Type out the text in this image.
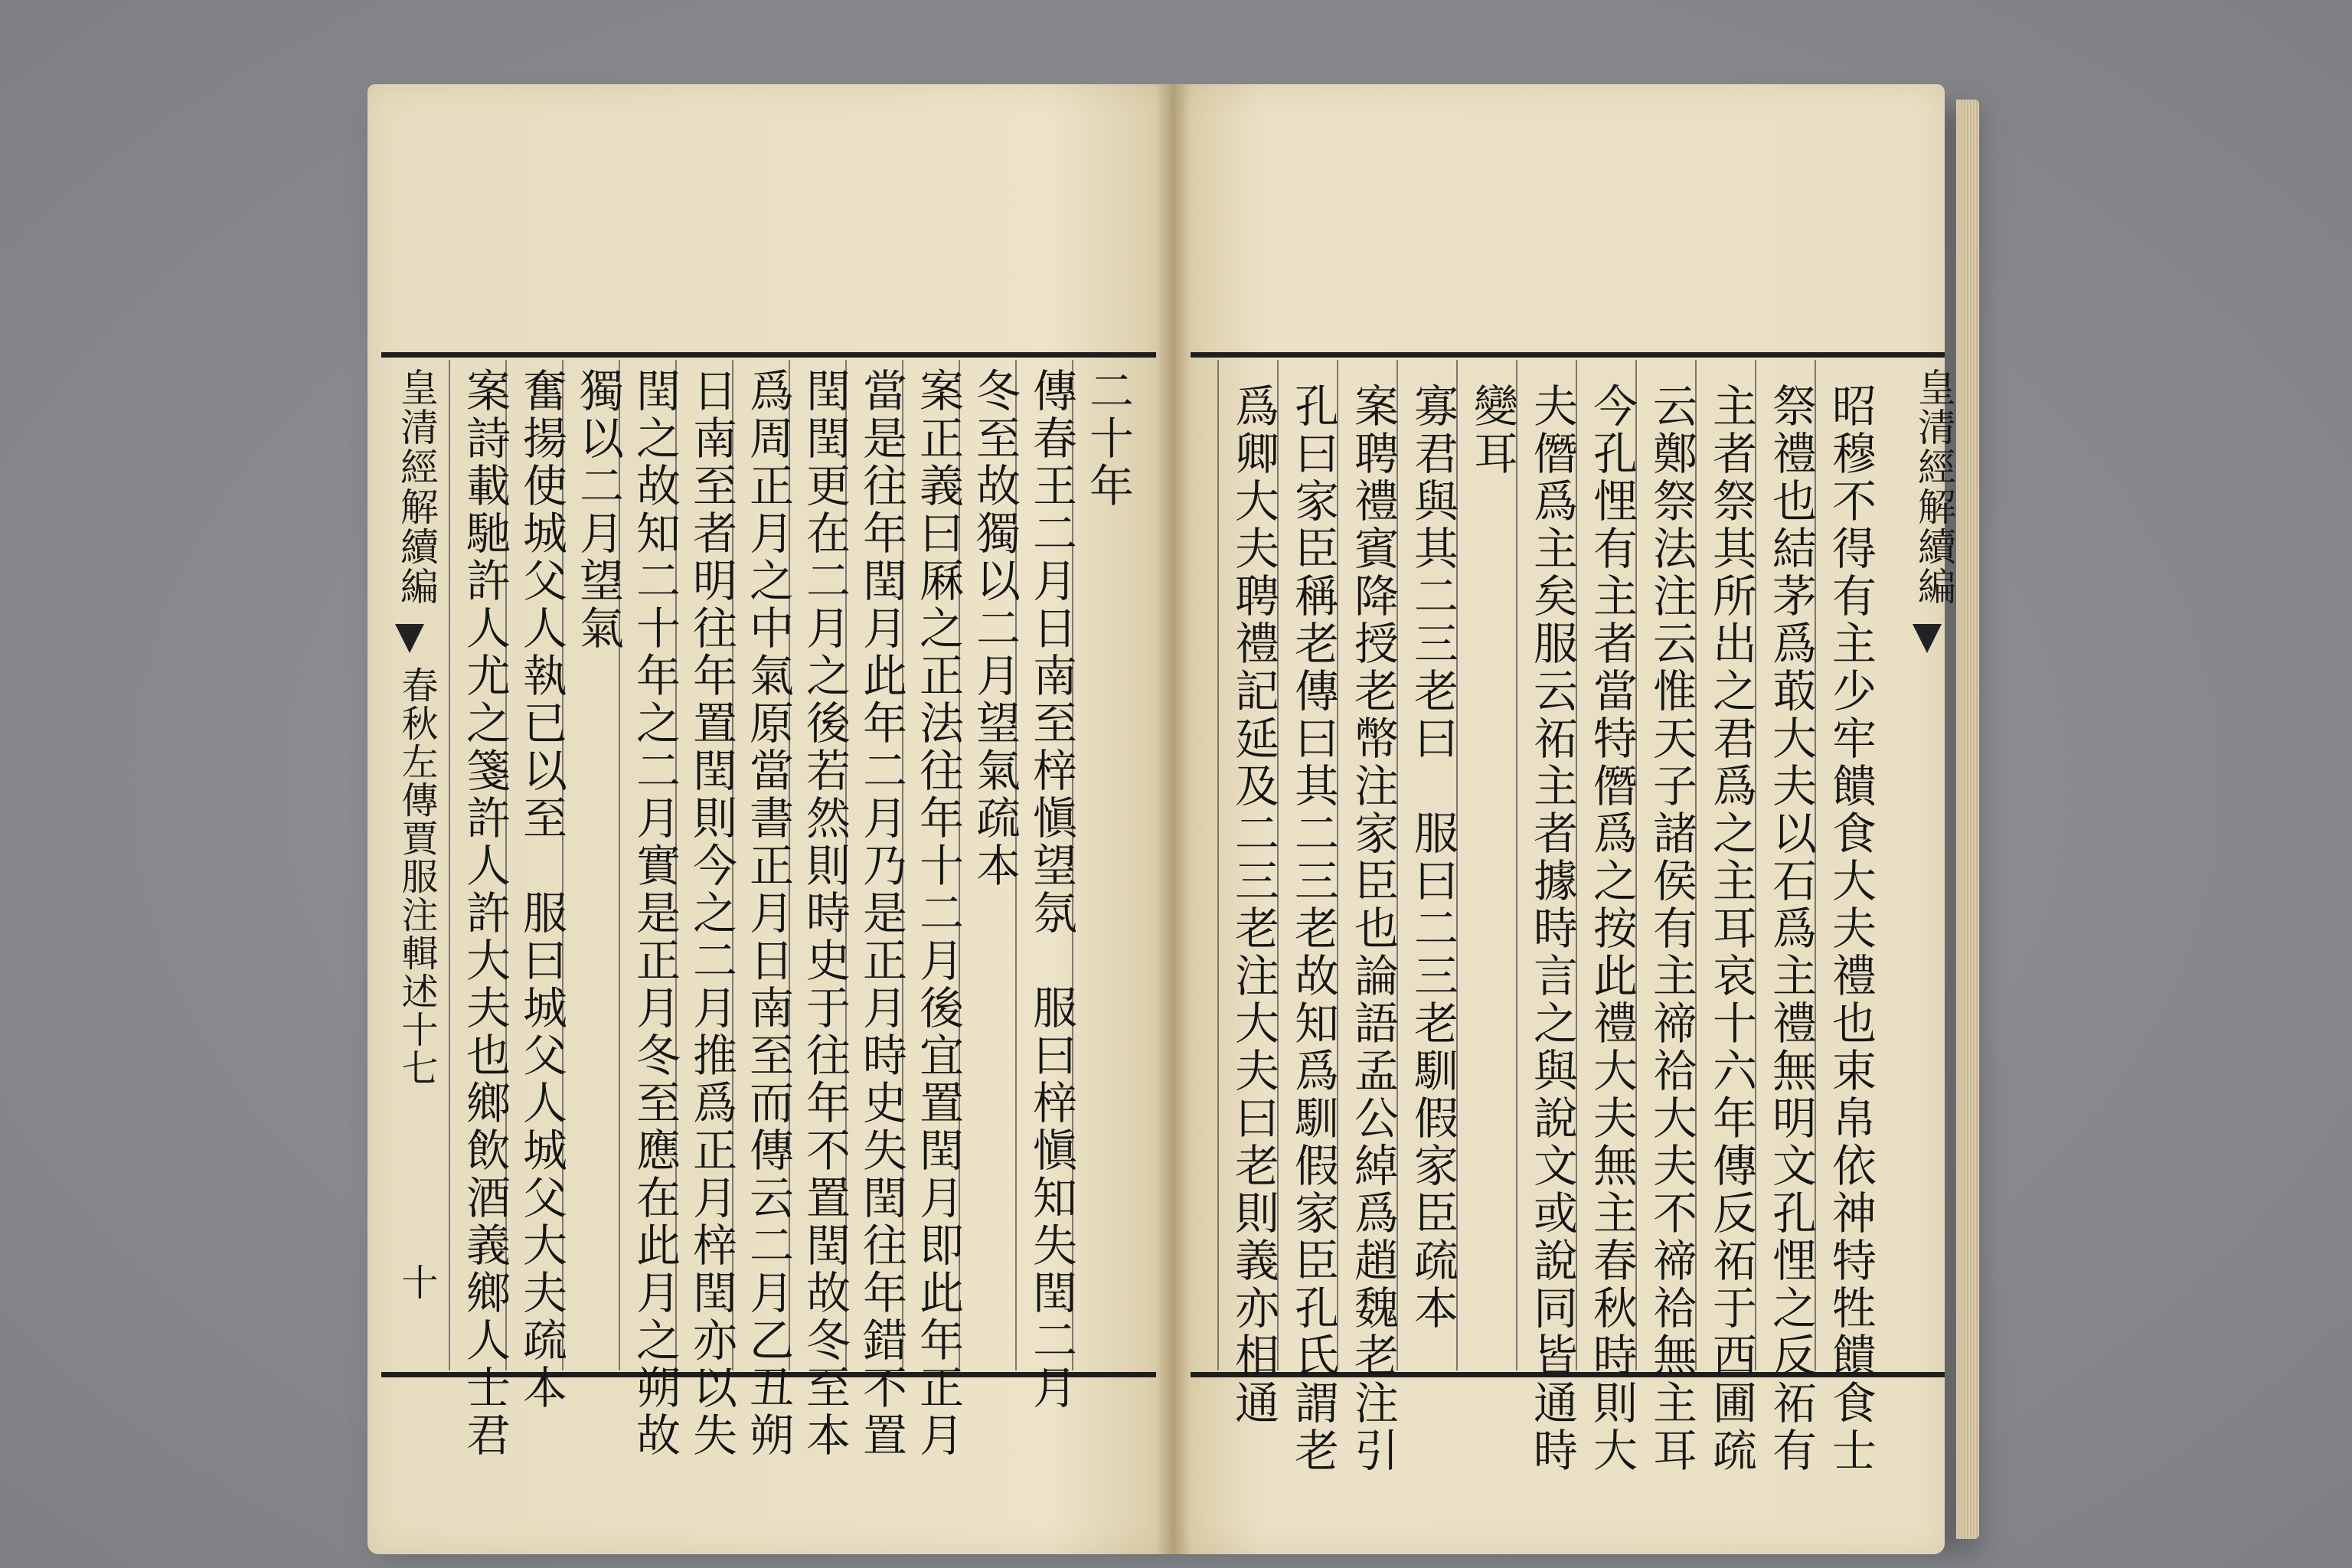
二十年
傳春王二月日南至梓愼望氛　服曰梓愼知失閏二月
冬至故獨以二月望氣疏本
案正義曰厤之正法往年十二月後宜置閏月即此年正月
當是往年閏月此年二月乃是正月時史失閏往年錯不置
閏閏更在二月之後若然則時史于往年不置閏故冬至本
爲周正月之中氣原當書正月日南至而傳云二月乙丑朔
日南至者明往年置閏則今之二月推爲正月梓閏亦以失
閏之故知二十年之二月實是正月冬至應在此月之朔故
獨以二月望氣
奮揚使城父人執已以至　服曰城父人城父大夫疏本
案詩載馳許人尤之箋許人許大夫也鄉飲酒義鄉人士君	昭穆不得有主少牢饋食大夫禮也束帛依神特牲饋食士
祭禮也結茅爲菆大夫以石爲主禮無明文孔悝之反祏有
主者祭其所出之君爲之主耳哀十六年傳反祏于西圃疏
云鄭祭法注云惟天子諸侯有主禘祫大夫不禘祫無主耳
今孔悝有主者當特僭爲之按此禮大夫無主春秋時則大
夫僭爲主矣服云祏主者據時言之與說文或說同皆通時
變耳
寡君與其二三老曰　服曰二三老馴假家臣疏本
案聘禮賓降授老幣注家臣也論語孟公綽爲趙魏老注引
孔曰家臣稱老傳曰其二三老故知爲馴假家臣孔氏謂老
爲卿大夫聘禮記延及二三老注大夫曰老則義亦相通
皇清經解續編
春秋左傳賈服注輯述十七
十
皇清經解續編
